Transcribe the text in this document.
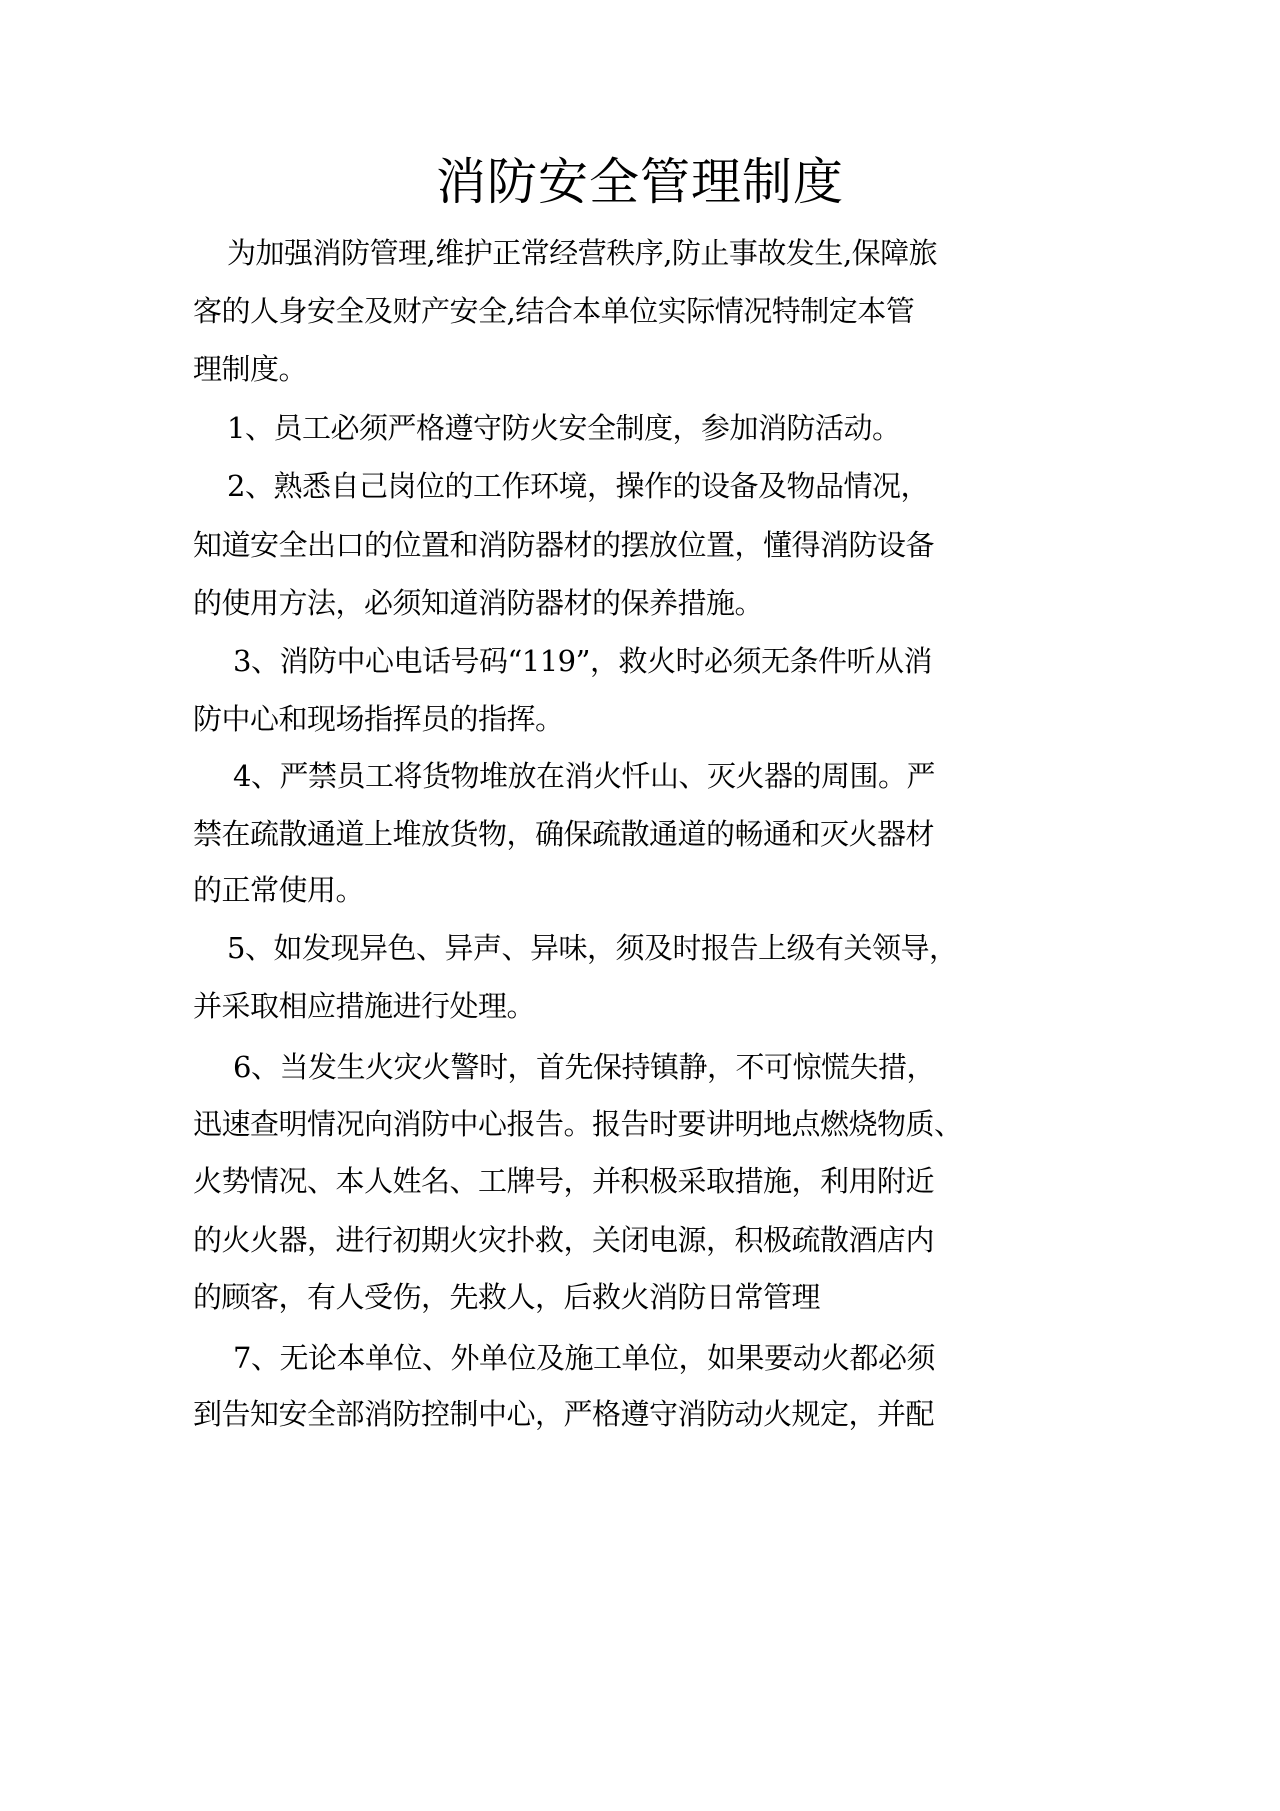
消防安全管理制度
为加强消防管理,维护正常经营秩序,防止事故发生,保障旅
客的人身安全及财产安全,结合本单位实际情况特制定本管
理制度。
1、员工必须严格遵守防火安全制度，参加消防活动。
2、熟悉自己岗位的工作环境，操作的设备及物品情况，
知道安全出口的位置和消防器材的摆放位置，懂得消防设备
的使用方法，必须知道消防器材的保养措施。
3、消防中心电话号码“119”，救火时必须无条件听从消
防中心和现场指挥员的指挥。
4、严禁员工将货物堆放在消火忏山、灭火器的周围。严
禁在疏散通道上堆放货物，确保疏散通道的畅通和灭火器材
的正常使用。
5、如发现异色、异声、异味，须及时报告上级有关领导，
并采取相应措施进行处理。
6、当发生火灾火警时，首先保持镇静，不可惊慌失措，
迅速查明情况向消防中心报告。报告时要讲明地点燃烧物质、
火势情况、本人姓名、工牌号，并积极采取措施，利用附近
的火火器，进行初期火灾扑救，关闭电源，积极疏散酒店内
的顾客，有人受伤，先救人，后救火消防日常管理
7、无论本单位、外单位及施工单位，如果要动火都必须
到告知安全部消防控制中心，严格遵守消防动火规定，并配
